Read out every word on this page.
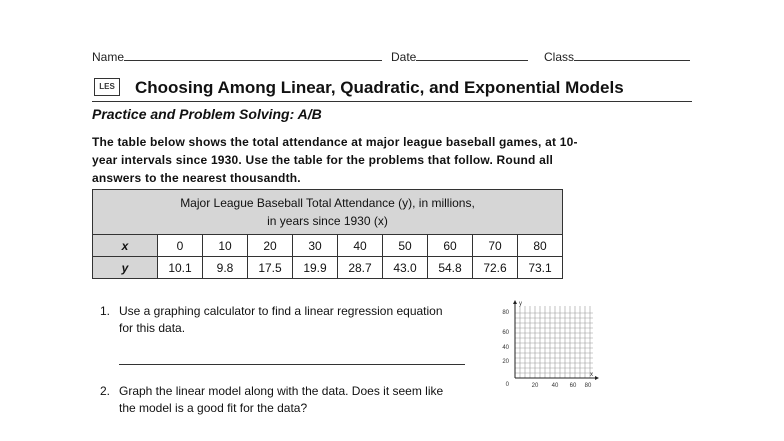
Name	Date	Class
LES	Choosing Among Linear, Quadratic, and Exponential Models
Practice and Problem Solving: A/B
The table below shows the total attendance at major league baseball games, at 10-year intervals since 1930. Use the table for the problems that follow. Round all answers to the nearest thousandth.
Major League Baseball Total Attendance (y), in millions,
in years since 1930 (x)									

x	0	10	20	30	40	50	60	70	80
y	10.1	9.8	17.5	19.9	28.7	43.0	54.8	72.6	73.1
1. Use a graphing calculator to find a linear regression equation for this data.
2. Graph the linear model along with the data. Does it seem like the model is a good fit for the data?
y
x
80
60
40
20
0	20 40 60 80
